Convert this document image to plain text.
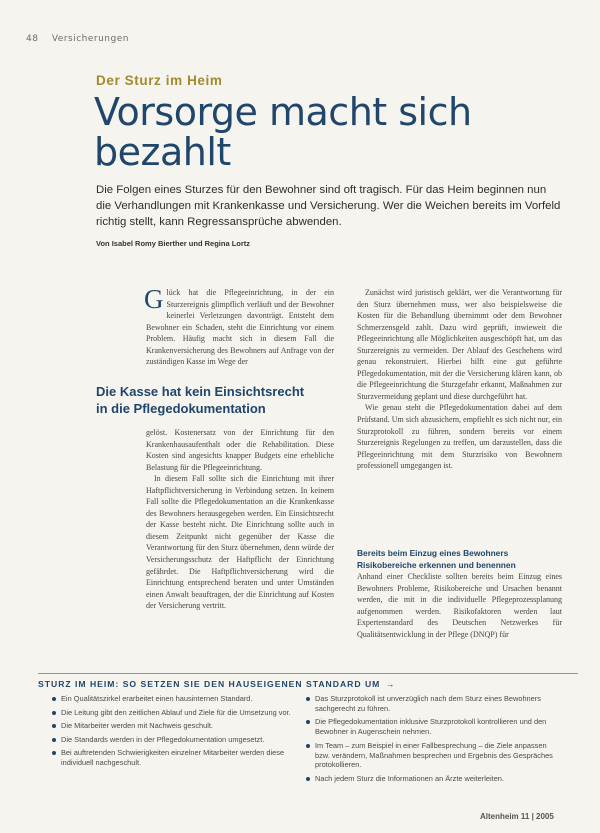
48 Versicherungen
Der Sturz im Heim
Vorsorge macht sich bezahlt

Die Folgen eines Sturzes für den Bewohner sind oft tragisch. Für das Heim beginnen nun die Verhandlungen mit Krankenkasse und Versicherung. Wer die Weichen bereits im Vorfeld richtig stellt, kann Regressansprüche abwenden.

Von Isabel Romy Bierther und Regina Lortz
G lück hat die Pflegeeinrichtung, in der ein Sturzereignis glimpflich verläuft und der Bewohner keinerlei Verletzungen davonträgt. Entsteht dem Bewohner ein Schaden, steht die Einrichtung vor einem Problem. Häufig macht sich in diesem Fall die Krankenversicherung des Bewohners auf Anfrage von der zuständigen Kasse im Wege der

Die Kasse hat kein Einsichtsrecht in die Pflegedokumentation

gelöst. Kostenersatz von der Einrichtung für den Krankenhausaufenthalt oder die Rehabilitation. Diese Kosten sind angesichts knapper Budgets eine erhebliche Belastung für die Pflegeeinrichtung.

In diesem Fall sollte sich die Einrichtung mit ihrer Haftpflichtversicherung in Verbindung setzen. In keinem Fall sollte die Pflegedokumentation an die Krankenkasse des Bewohners herausgegeben werden. Ein Einsichtsrecht der Kasse besteht nicht. Die Einrichtung sollte auch in diesem Zeitpunkt nicht gegenüber der Kasse die Verantwortung für den Sturz übernehmen, denn würde der Versicherungsschutz der Haftpflicht der Einrichtung gefährdet. Die Haftpflichtversicherung wird die Einrichtung entsprechend beraten und unter Umständen einen Anwalt beauftragen, der die Einrichtung auf Kosten der Versicherung vertritt.

Zunächst wird juristisch geklärt, wer die Verantwortung für den Sturz übernehmen muss, wer also beispielsweise die Kosten für die Behandlung übernimmt oder dem Bewohner Schmerzensgeld zahlt. Dazu wird geprüft, inwieweit die Pflegeeinrichtung alle Möglichkeiten ausgeschöpft hat, um das Sturzereignis zu vermeiden. Der Ablauf des Geschehens wird genau rekonstruiert. Hierbei hilft eine gut geführte Pflegedokumentation, mit der die Versicherung klären kann, ob die Pflegeeinrichtung die Sturzgefahr erkannt, Maßnahmen zur Sturzvermeidung geplant und diese durchgeführt hat.

Wie genau steht die Pflegedokumentation dabei auf dem Prüfstand. Um sich abzusichern, empfiehlt es sich nicht nur, ein Sturzprotokoll zu führen, sondern bereits vor einem Sturzereignis Regelungen zu treffen, um darzustellen, dass die Pflegeeinrichtung mit dem Sturzrisiko von Bewohnern professionell umgegangen ist.

Bereits beim Einzug eines Bewohners Risikobereiche erkennen und benennen

Anhand einer Checkliste sollten bereits beim Einzug eines Bewohners Probleme, Risikobereiche und Ursachen benannt werden, die mit in die individuelle Pflegeprozessplanung aufgenommen werden. Risikofaktoren werden laut Expertenstandard des Deutschen Netzwerkes für Qualitätsentwicklung in der Pflege (DNQP) für

STURZ IM HEIM: SO SETZEN SIE DEN HAUSEIGENEN STANDARD UM →
Ein Qualitätszirkel erarbeitet einen hausinternen Standard.
Die Leitung gibt den zeitlichen Ablauf und Ziele für die Umsetzung vor.
Die Mitarbeiter werden mit Nachweis geschult.
Die Standards werden in der Pflegedokumentation umgesetzt.
Bei auftretenden Schwierigkeiten einzelner Mitarbeiter werden diese individuell nachgeschult.
Das Sturzprotokoll ist unverzüglich nach dem Sturz eines Bewohners sachgerecht zu führen.
Die Pflegedokumentation inklusive Sturzprotokoll kontrollieren und den Bewohner in Augenschein nehmen.
Im Team – zum Beispiel in einer Fallbesprechung – die Ziele anpassen bzw. verändern, Maßnahmen besprechen und Ergebnis des Gespräches protokollieren.
Nach jedem Sturz die Informationen an Ärzte weiterleiten.
Altenheim 11 | 2005
